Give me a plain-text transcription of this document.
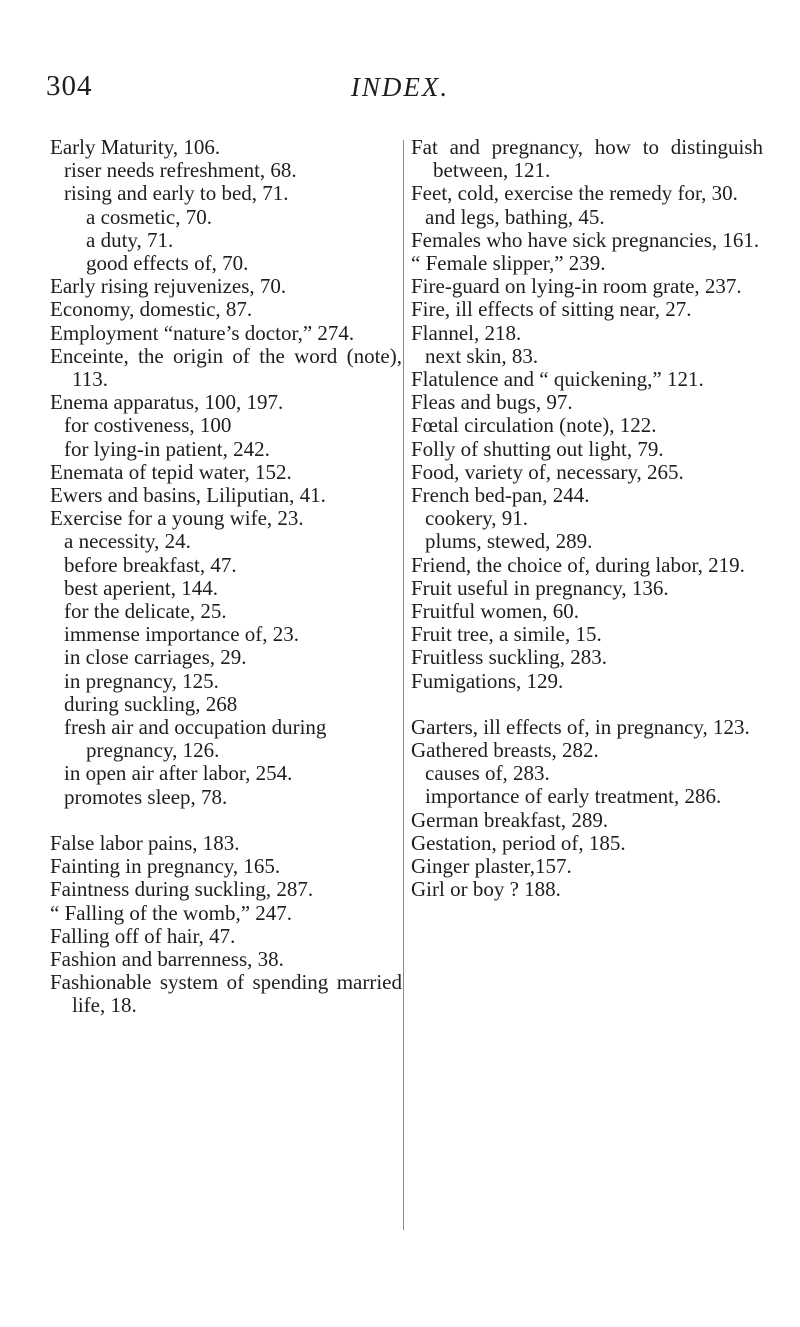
304	INDEX.

Early Maturity, 106.

riser needs refreshment, 68.

rising and early to bed, 71.

a cosmetic, 70.

a duty, 71.

good effects of, 70.

Early rising rejuvenizes, 70.

Economy, domestic, 87.

Employment “nature’s doctor,” 274.

Enceinte, the origin of the word (note), 113.

Enema apparatus, 100, 197.

for costiveness, 100

for lying-in patient, 242.

Enemata of tepid water, 152.

Ewers and basins, Liliputian, 41.

Exercise for a young wife, 23.

a necessity, 24.

before breakfast, 47.

best aperient, 144.

for the delicate, 25.

immense importance of, 23.

in close carriages, 29.

in pregnancy, 125.

during suckling, 268

fresh air and occupation during pregnancy, 126.

in open air after labor, 254.

promotes sleep, 78.

False labor pains, 183.

Fainting in pregnancy, 165.

Faintness during suckling, 287.

“ Falling of the womb,” 247.

Falling off of hair, 47.

Fashion and barrenness, 38.

Fashionable system of spending married life, 18.

Fat and pregnancy, how to distinguish between, 121.

Feet, cold, exercise the remedy for, 30.

and legs, bathing, 45.

Females who have sick pregnancies, 161.

“ Female slipper,” 239.

Fire-guard on lying-in room grate, 237.

Fire, ill effects of sitting near, 27.

Flannel, 218.

next skin, 83.

Flatulence and “ quickening,” 121.

Fleas and bugs, 97.

Fœtal circulation (note), 122.

Folly of shutting out light, 79.

Food, variety of, necessary, 265.

French bed-pan, 244.

cookery, 91.

plums, stewed, 289.

Friend, the choice of, during labor, 219.

Fruit useful in pregnancy, 136.

Fruitful women, 60.

Fruit tree, a simile, 15.

Fruitless suckling, 283.

Fumigations, 129.

Garters, ill effects of, in pregnancy, 123.

Gathered breasts, 282.

causes of, 283.

importance of early treatment, 286.

German breakfast, 289.

Gestation, period of, 185.

Ginger plaster,157.

Girl or boy ? 188.
